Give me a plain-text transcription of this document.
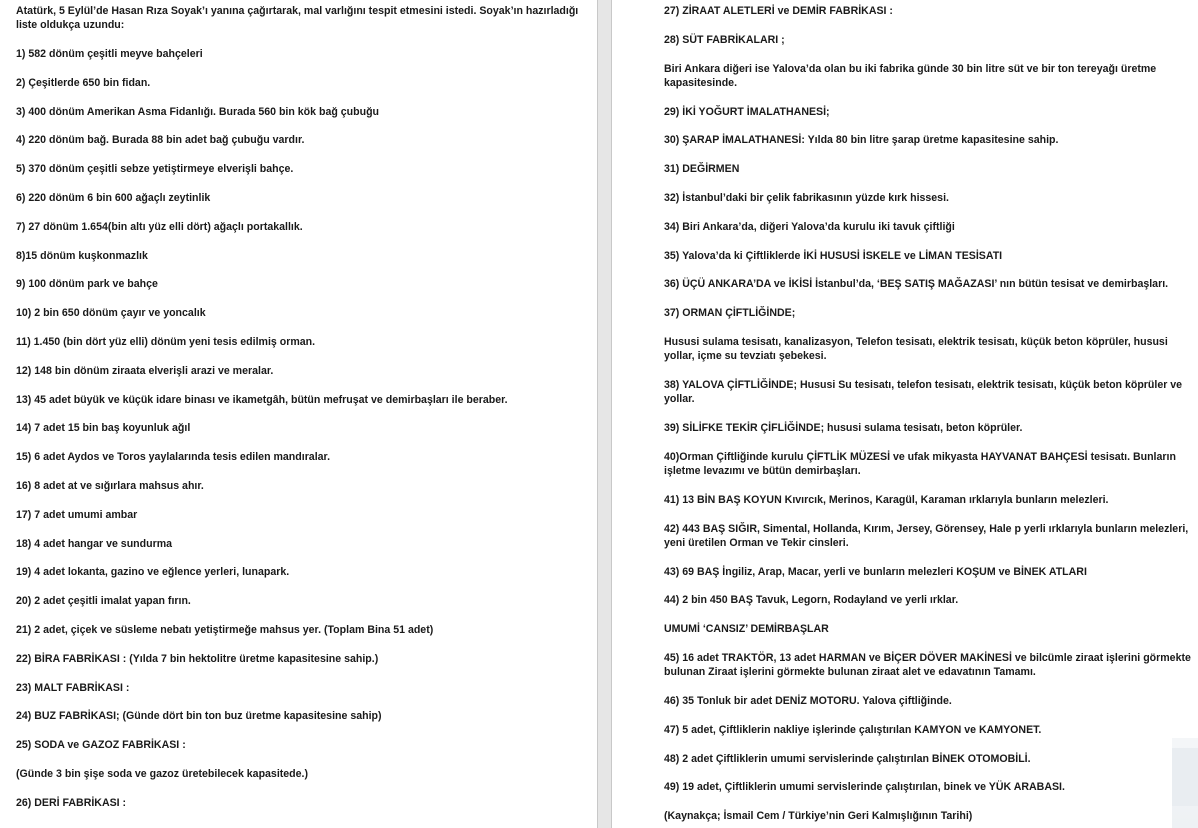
Atatürk, 5 Eylül’de Hasan Rıza Soyak’ı yanına çağırtarak, mal varlığını tespit etmesini istedi. Soyak’ın hazırladığı liste oldukça uzundu:

1) 582 dönüm çeşitli meyve bahçeleri

2) Çeşitlerde 650 bin fidan.

3) 400 dönüm Amerikan Asma Fidanlığı. Burada 560 bin kök bağ çubuğu

4) 220 dönüm bağ. Burada 88 bin adet bağ çubuğu vardır.

5) 370 dönüm çeşitli sebze yetiştirmeye elverişli bahçe.

6) 220 dönüm 6 bin 600 ağaçlı zeytinlik

7) 27 dönüm 1.654(bin altı yüz elli dört) ağaçlı portakallık.

8)15 dönüm kuşkonmazlık

9) 100 dönüm park ve bahçe

10) 2 bin 650 dönüm çayır ve yoncalık

11) 1.450 (bin dört yüz elli) dönüm yeni tesis edilmiş orman.

12) 148 bin dönüm ziraata elverişli arazi ve meralar.

13) 45 adet büyük ve küçük idare binası ve ikametgâh, bütün mefruşat ve demirbaşları ile beraber.

14) 7 adet 15 bin baş koyunluk ağıl

15) 6 adet Aydos ve Toros yaylalarında tesis edilen mandıralar.

16) 8 adet at ve sığırlara mahsus ahır.

17) 7 adet umumi ambar

18) 4 adet hangar ve sundurma

19) 4 adet lokanta, gazino ve eğlence yerleri, lunapark.

20) 2 adet çeşitli imalat yapan fırın.

21) 2 adet, çiçek ve süsleme nebatı yetiştirmeğe mahsus yer. (Toplam Bina 51 adet)

22) BİRA FABRİKASI : (Yılda 7 bin hektolitre üretme kapasitesine sahip.)

23) MALT FABRİKASI :

24) BUZ FABRİKASI; (Günde dört bin ton buz üretme kapasitesine sahip)

25) SODA ve GAZOZ FABRİKASI :

(Günde 3 bin şişe soda ve gazoz üretebilecek kapasitede.)

26) DERİ FABRİKASI :

27) ZİRAAT ALETLERİ ve DEMİR FABRİKASI :

28) SÜT FABRİKALARI ;

Biri Ankara diğeri ise Yalova’da olan bu iki fabrika günde 30 bin litre süt ve bir ton tereyağı üretme kapasitesinde.

29) İKİ YOĞURT İMALATHANESİ;

30) ŞARAP İMALATHANESİ: Yılda 80 bin litre şarap üretme kapasitesine sahip.

31) DEĞİRMEN

32) İstanbul’daki bir çelik fabrikasının yüzde kırk hissesi.

34) Biri Ankara’da, diğeri Yalova’da kurulu iki tavuk çiftliği

35) Yalova’da ki Çiftliklerde İKİ HUSUSİ İSKELE ve LİMAN TESİSATI

36) ÜÇÜ ANKARA’DA ve İKİSİ İstanbul’da, ‘BEŞ SATIŞ MAĞAZASI’ nın bütün tesisat ve demirbaşları.

37) ORMAN ÇİFTLİĞİNDE;

Hususi sulama tesisatı, kanalizasyon, Telefon tesisatı, elektrik tesisatı, küçük beton köprüler, hususi yollar, içme su tevziatı şebekesi.

38) YALOVA ÇİFTLİĞİNDE; Hususi Su tesisatı, telefon tesisatı, elektrik tesisatı, küçük beton köprüler ve yollar.

39) SİLİFKE TEKİR ÇİFLİĞİNDE; hususi sulama tesisatı, beton köprüler.

40)Orman Çiftliğinde kurulu ÇİFTLİK MÜZESİ ve ufak mikyasta HAYVANAT BAHÇESİ tesisatı. Bunların işletme levazımı ve bütün demirbaşları.

41) 13 BİN BAŞ KOYUN Kıvırcık, Merinos, Karagül, Karaman ırklarıyla bunların melezleri.

42) 443 BAŞ SIĞIR, Simental, Hollanda, Kırım, Jersey, Görensey, Hale p yerli ırklarıyla bunların melezleri, yeni üretilen Orman ve Tekir cinsleri.

43) 69 BAŞ İngiliz, Arap, Macar, yerli ve bunların melezleri KOŞUM ve BİNEK ATLARI

44) 2 bin 450 BAŞ Tavuk, Legorn, Rodayland ve yerli ırklar.

UMUMİ ‘CANSIZ’ DEMİRBAŞLAR

45) 16 adet TRAKTÖR, 13 adet HARMAN ve BİÇER DÖVER MAKİNESİ ve bilcümle ziraat işlerini görmekte bulunan Ziraat işlerini görmekte bulunan ziraat alet ve edavatının Tamamı.

46) 35 Tonluk bir adet DENİZ MOTORU. Yalova çiftliğinde.

47) 5 adet, Çiftliklerin nakliye işlerinde çalıştırılan KAMYON ve KAMYONET.

48) 2 adet Çiftliklerin umumi servislerinde çalıştırılan BİNEK OTOMOBİLİ.

49) 19 adet, Çiftliklerin umumi servislerinde çalıştırılan, binek ve YÜK ARABASI.

(Kaynakça; İsmail Cem / Türkiye’nin Geri Kalmışlığının Tarihi)
